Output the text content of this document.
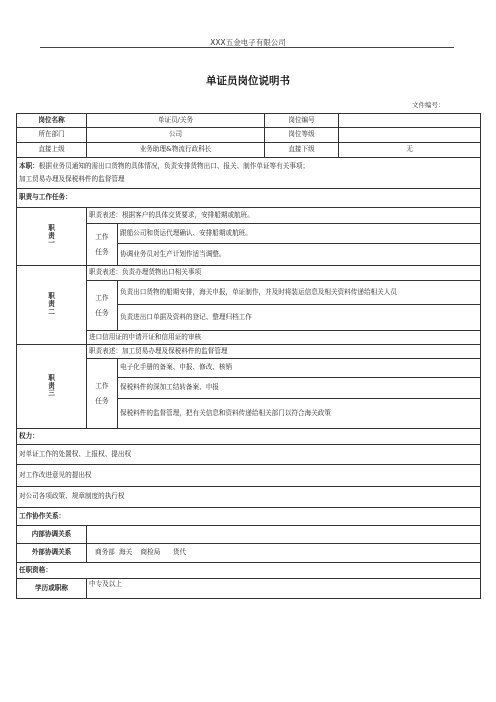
XXX五金电子有限公司
单证员岗位说明书
文件编号：
岗位名称	单证员/关务		岗位编号	
所在部门	公司		岗位等级	
直接上级	业务助理&物流行政科长		直接下级	无
本职：根据业务员通知的需出口货物的具体情况，负责安排货物出口、报关、制作单证等有关事项；
加工贸易办理及保税料件的监督管理				
职责与工作任务：				
职
责
一	职责表述：根据客户的具体交货要求，安排船期或航班。			
	工作
任务	跟船公司和货运代理确认、安排船期或航班。		
		协调业务员对生产计划作适当调整。		
职
责
二	职责表述：负责办理货物出口相关事项			
	工作
任务	负责出口货物的船期安排，海关申报，单证制作，并及时将装运信息及相关资料传递给相关人员		
		负责进出口单据及资料的登记、整理归档工作		
	进口信用证的申请开证和信用证的审核			
职
责
三	职责表述：加工贸易办理及保税料件的监督管理			
	工作
任务	电子化手册的备案、申报、修改、核销		
		保税料件的深加工结转备案、申报		
		保税料件的监督管理，把有关信息和资料传递给相关部门以符合海关政策		
权力：				
对单证工作的处置权、上报权、提出权				
对工作改进意见的提出权				
对公司各项政策、规章制度的执行权				
工作协作关系：				
内部协调关系				
外部协调关系	商务部  海关    商检局      货代			
任职资格：				
学历或职称	中专及以上			
